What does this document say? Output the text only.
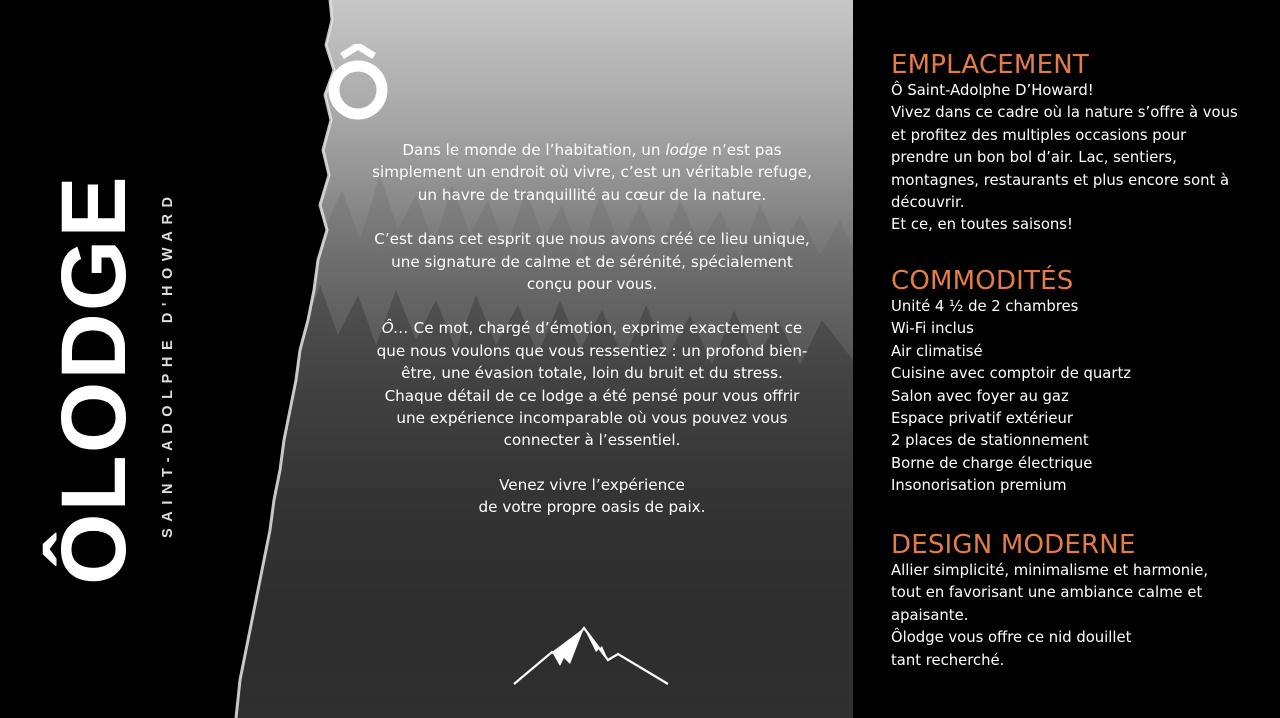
ÔLODGE SAINT-ADOLPHE D'HOWARD

Dans le monde de l’habitation, un lodge n’est pas simplement un endroit où vivre, c’est un véritable refuge, un havre de tranquillité au cœur de la nature.

C’est dans cet esprit que nous avons créé ce lieu unique, une signature de calme et de sérénité, spécialement conçu pour vous.

Ô… Ce mot, chargé d’émotion, exprime exactement ce que nous voulons que vous ressentiez : un profond bien-être, une évasion totale, loin du bruit et du stress. Chaque détail de ce lodge a été pensé pour vous offrir une expérience incomparable où vous pouvez vous connecter à l’essentiel.

Venez vivre l’expérience
de votre propre oasis de paix.

EMPLACEMENT
Ô Saint-Adolphe D’Howard!
Vivez dans ce cadre où la nature s’offre à vous
et profitez des multiples occasions pour
prendre un bon bol d’air. Lac, sentiers,
montagnes, restaurants et plus encore sont à
découvrir.
Et ce, en toutes saisons!
COMMODITÉS
Unité 4 ½ de 2 chambres
Wi-Fi inclus
Air climatisé
Cuisine avec comptoir de quartz
Salon avec foyer au gaz
Espace privatif extérieur
2 places de stationnement
Borne de charge électrique
Insonorisation premium
DESIGN MODERNE
Allier simplicité, minimalisme et harmonie,
tout en favorisant une ambiance calme et
apaisante.
Ôlodge vous offre ce nid douillet
tant recherché.
